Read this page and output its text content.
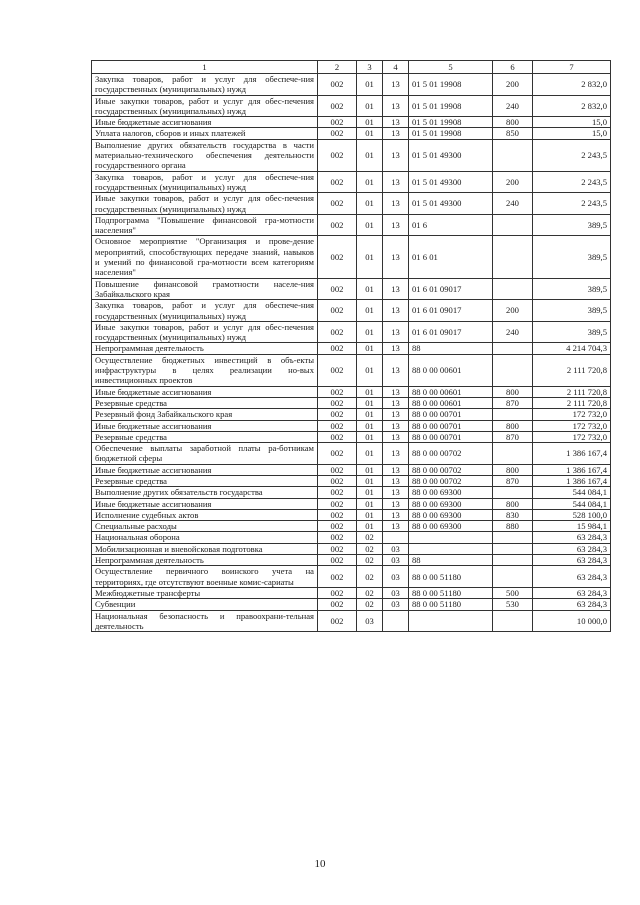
1	2	3	4	5	6	7
Закупка товаров, работ и услуг для обеспече-ния государственных (муниципальных) нужд	002	01	13	01 5 01 19908	200	2 832,0
Иные закупки товаров, работ и услуг для обес-печения государственных (муниципальных) нужд	002	01	13	01 5 01 19908	240	2 832,0
Иные бюджетные ассигнования	002	01	13	01 5 01 19908	800	15,0
Уплата налогов, сборов и иных платежей	002	01	13	01 5 01 19908	850	15,0
Выполнение других обязательств государства в части материально-технического обеспечения деятельности государственного органа	002	01	13	01 5 01 49300		2 243,5
Закупка товаров, работ и услуг для обеспече-ния государственных (муниципальных) нужд	002	01	13	01 5 01 49300	200	2 243,5
Иные закупки товаров, работ и услуг для обес-печения государственных (муниципальных) нужд	002	01	13	01 5 01 49300	240	2 243,5
Подпрограмма "Повышение финансовой гра-мотности населения"	002	01	13	01 6		389,5
Основное мероприятие "Организация и прове-дение мероприятий, способствующих передаче знаний, навыков и умений по финансовой гра-мотности всем категориям населения"	002	01	13	01 6 01		389,5
Повышение финансовой грамотности населе-ния Забайкальского края	002	01	13	01 6 01 09017		389,5
Закупка товаров, работ и услуг для обеспече-ния государственных (муниципальных) нужд	002	01	13	01 6 01 09017	200	389,5
Иные закупки товаров, работ и услуг для обес-печения государственных (муниципальных) нужд	002	01	13	01 6 01 09017	240	389,5
Непрограммная деятельность	002	01	13	88		4 214 704,3
Осуществление бюджетных инвестиций в объ-екты инфраструктуры в целях реализации но-вых инвестиционных проектов	002	01	13	88 0 00 00601		2 111 720,8
Иные бюджетные ассигнования	002	01	13	88 0 00 00601	800	2 111 720,8
Резервные средства	002	01	13	88 0 00 00601	870	2 111 720,8
Резервный фонд Забайкальского края	002	01	13	88 0 00 00701		172 732,0
Иные бюджетные ассигнования	002	01	13	88 0 00 00701	800	172 732,0
Резервные средства	002	01	13	88 0 00 00701	870	172 732,0
Обеспечение выплаты заработной платы ра-ботникам бюджетной сферы	002	01	13	88 0 00 00702		1 386 167,4
Иные бюджетные ассигнования	002	01	13	88 0 00 00702	800	1 386 167,4
Резервные средства	002	01	13	88 0 00 00702	870	1 386 167,4
Выполнение других обязательств государства	002	01	13	88 0 00 69300		544 084,1
Иные бюджетные ассигнования	002	01	13	88 0 00 69300	800	544 084,1
Исполнение судебных актов	002	01	13	88 0 00 69300	830	528 100,0
Специальные расходы	002	01	13	88 0 00 69300	880	15 984,1
Национальная оборона	002	02				63 284,3
Мобилизационная и вневойсковая подготовка	002	02	03			63 284,3
Непрограммная деятельность	002	02	03	88		63 284,3
Осуществление первичного воинского учета на территориях, где отсутствуют военные комис-сариаты	002	02	03	88 0 00 51180		63 284,3
Межбюджетные трансферты	002	02	03	88 0 00 51180	500	63 284,3
Субвенции	002	02	03	88 0 00 51180	530	63 284,3
Национальная безопасность и правоохрани-тельная деятельность	002	03				10 000,0
10
